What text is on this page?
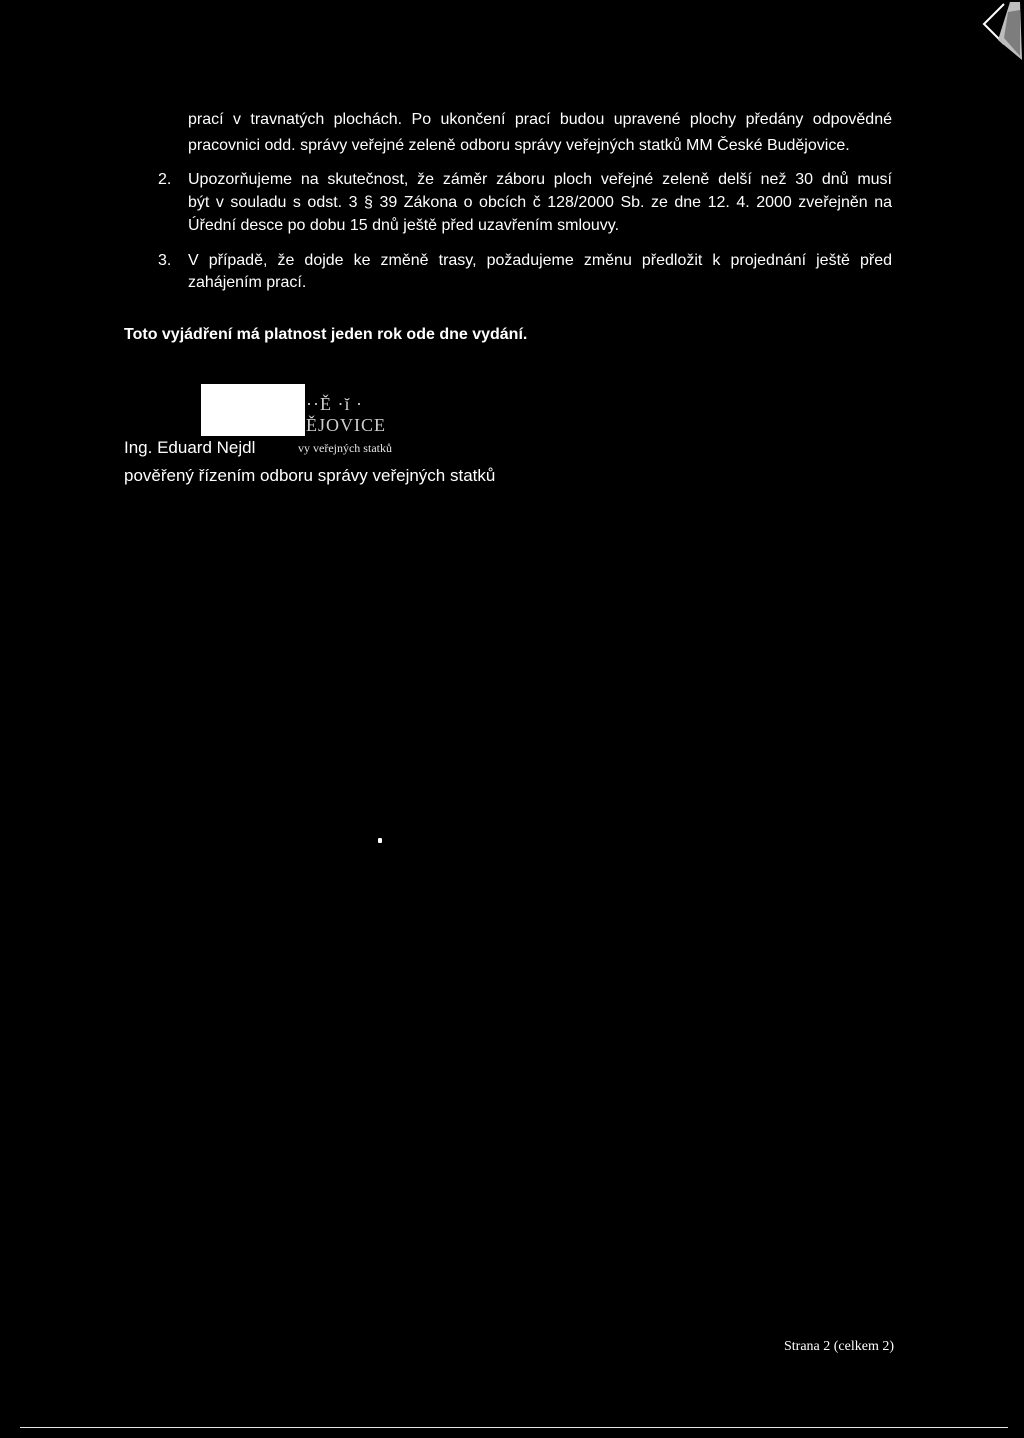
prací v travnatých plochách. Po ukončení prací budou upravené plochy předány odpovědné
pracovnici odd. správy veřejné zeleně odboru správy veřejných statků MM České Budějovice.
2. Upozorňujeme na skutečnost, že záměr záboru ploch veřejné zeleně delší než 30 dnů musí
být v souladu s odst. 3 § 39 Zákona o obcích č 128/2000 Sb. ze dne 12. 4. 2000 zveřejněn na
Úřední desce po dobu 15 dnů ještě před uzavřením smlouvy.
3. V případě, že dojde ke změně trasy, požadujeme změnu předložit k projednání ještě před
zahájením prací.
Toto vyjádření má platnost jeden rok ode dne vydání.
··Ě ·ĭ ·
ĚJOVICE
vy veřejných statků
Ing. Eduard Nejdl
pověřený řízením odboru správy veřejných statků
Strana 2 (celkem 2)
